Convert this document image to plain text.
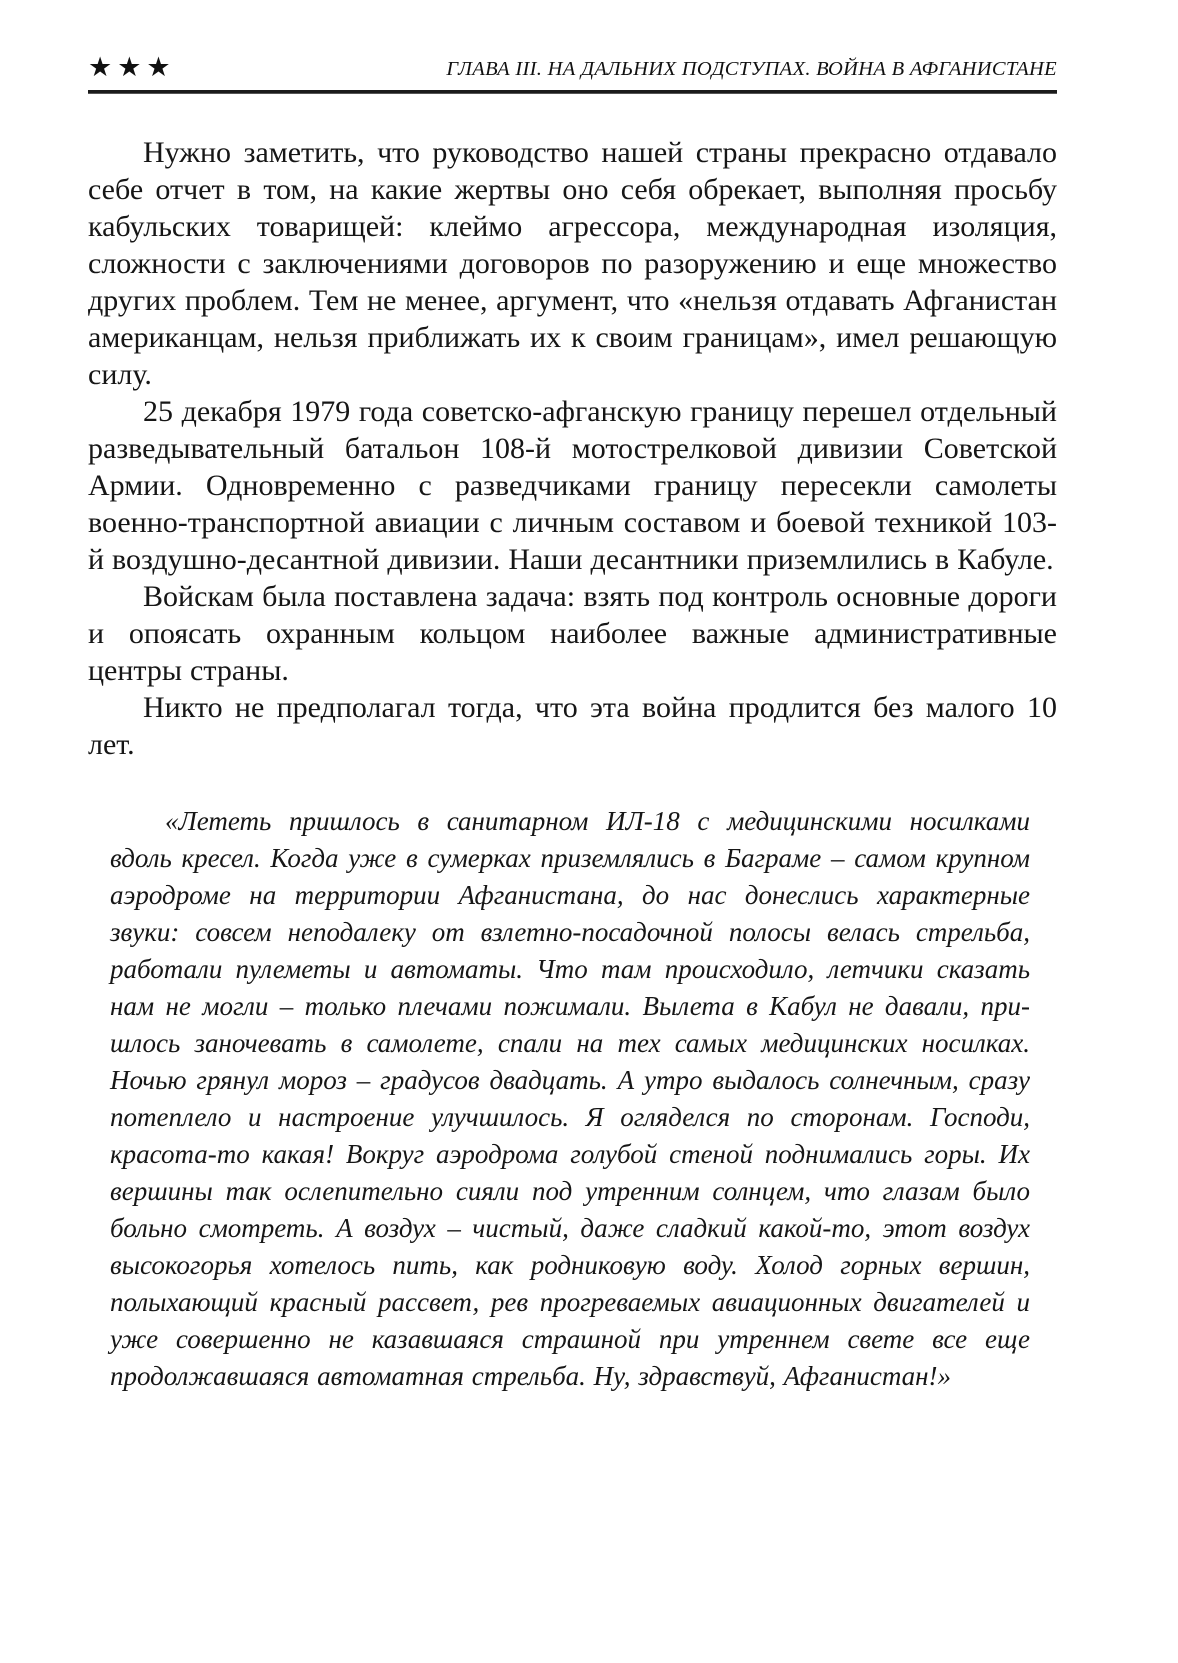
★★★	ГЛАВА III. НА ДАЛЬНИХ ПОДСТУПАХ. ВОЙНА В АФГАНИСТАНЕ

Нужно заметить, что руководство нашей страны прекрасно отдавало себе отчет в том, на какие жертвы оно себя обрекает, выполняя просьбу кабульских товарищей: клеймо агрессора, международная изоляция, сложности с заключениями договоров по разоружению и еще множество других проблем. Тем не менее, аргумент, что «нельзя отдавать Афганистан американцам, нельзя приближать их к своим границам», имел решающую силу.

25 декабря 1979 года советско-афганскую границу перешел отдельный разведывательный батальон 108-й мотострелковой дивизии Советской Армии. Одновременно с разведчиками границу пересекли самолеты военно-транспортной авиации с личным составом и боевой техникой 103-й воздушно-десантной дивизии. Наши десантники приземлились в Кабуле.

Войскам была поставлена задача: взять под контроль основные дороги и опоясать охранным кольцом наиболее важные административные центры страны.

Никто не предполагал тогда, что эта война продлится без малого 10 лет.

«Лететь пришлось в санитарном ИЛ-18 с медицинскими носилками вдоль кресел. Когда уже в сумерках приземлялись в Баграме – самом крупном аэродроме на территории Афганистана, до нас донеслись характерные звуки: совсем неподалеку от взлетно-посадочной полосы велась стрельба, работали пулеметы и автоматы. Что там происходило, летчики сказать нам не могли – только плечами пожимали. Вылета в Кабул не давали, пришлось заночевать в самолете, спали на тех самых медицинских носилках. Ночью грянул мороз – градусов двадцать. А утро выдалось солнечным, сразу потеплело и настроение улучшилось. Я огляделся по сторонам. Господи, красота-то какая! Вокруг аэродрома голубой стеной поднимались горы. Их вершины так ослепительно сияли под утренним солнцем, что глазам было больно смотреть. А воздух – чистый, даже сладкий какой-то, этот воздух высокогорья хотелось пить, как родниковую воду. Холод горных вершин, полыхающий красный рассвет, рев прогреваемых авиационных двигателей и уже совершенно не казавшаяся страшной при утреннем свете все еще продолжавшаяся автоматная стрельба. Ну, здравствуй, Афганистан!»
